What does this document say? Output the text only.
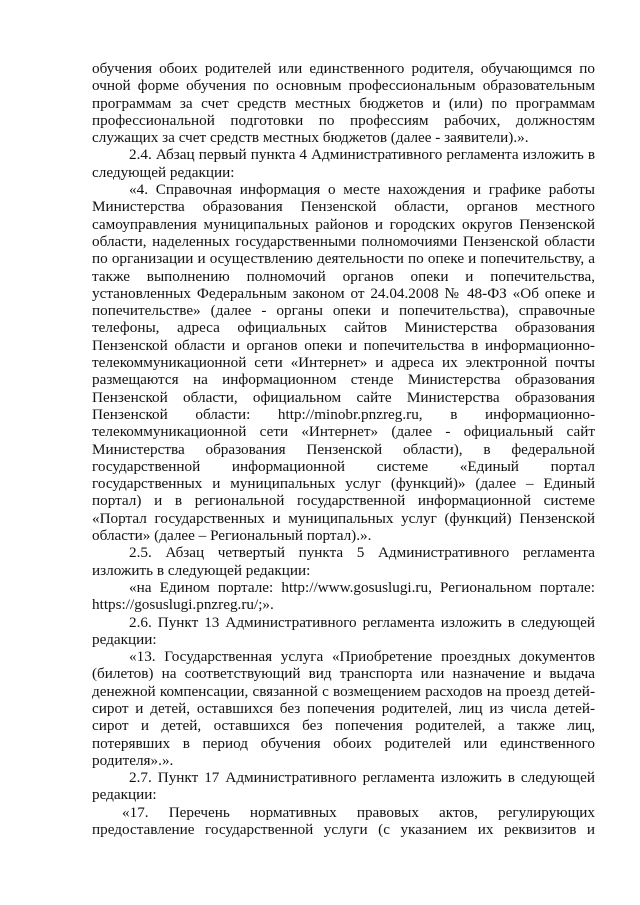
обучения обоих родителей или единственного родителя, обучающимся по очной форме обучения по основным профессиональным образовательным программам за счет средств местных бюджетов и (или) по программам профессиональной подготовки по профессиям рабочих, должностям служащих за счет средств местных бюджетов (далее - заявители).».

2.4. Абзац первый пункта 4 Административного регламента изложить в следующей редакции:

«4. Справочная информация о месте нахождения и графике работы Министерства образования Пензенской области, органов местного самоуправления муниципальных районов и городских округов Пензенской области, наделенных государственными полномочиями Пензенской области по организации и осуществлению деятельности по опеке и попечительству, а также выполнению полномочий органов опеки и попечительства, установленных Федеральным законом от 24.04.2008 № 48-ФЗ «Об опеке и попечительстве» (далее - органы опеки и попечительства), справочные телефоны, адреса официальных сайтов Министерства образования Пензенской области и органов опеки и попечительства в информационно-телекоммуникационной сети «Интернет» и адреса их электронной почты размещаются на информационном стенде Министерства образования Пензенской области, официальном сайте Министерства образования Пензенской области: http://minobr.pnzreg.ru, в информационно-телекоммуникационной сети «Интернет» (далее - официальный сайт Министерства образования Пензенской области), в федеральной государственной информационной системе «Единый портал государственных и муниципальных услуг (функций)» (далее – Единый портал) и в региональной государственной информационной системе «Портал государственных и муниципальных услуг (функций) Пензенской области» (далее – Региональный портал).».

2.5. Абзац четвертый пункта 5 Административного регламента изложить в следующей редакции:

«на Едином портале: http://www.gosuslugi.ru, Региональном портале: https://gosuslugi.pnzreg.ru/;».

2.6. Пункт 13 Административного регламента изложить в следующей редакции:

«13. Государственная услуга «Приобретение проездных документов (билетов) на соответствующий вид транспорта или назначение и выдача денежной компенсации, связанной с возмещением расходов на проезд детей-сирот и детей, оставшихся без попечения родителей, лиц из числа детей-сирот и детей, оставшихся без попечения родителей, а также лиц, потерявших в период обучения обоих родителей или единственного родителя».».

2.7. Пункт 17 Административного регламента изложить в следующей редакции:

«17. Перечень нормативных правовых актов, регулирующих предоставление государственной услуги (с указанием их реквизитов и
